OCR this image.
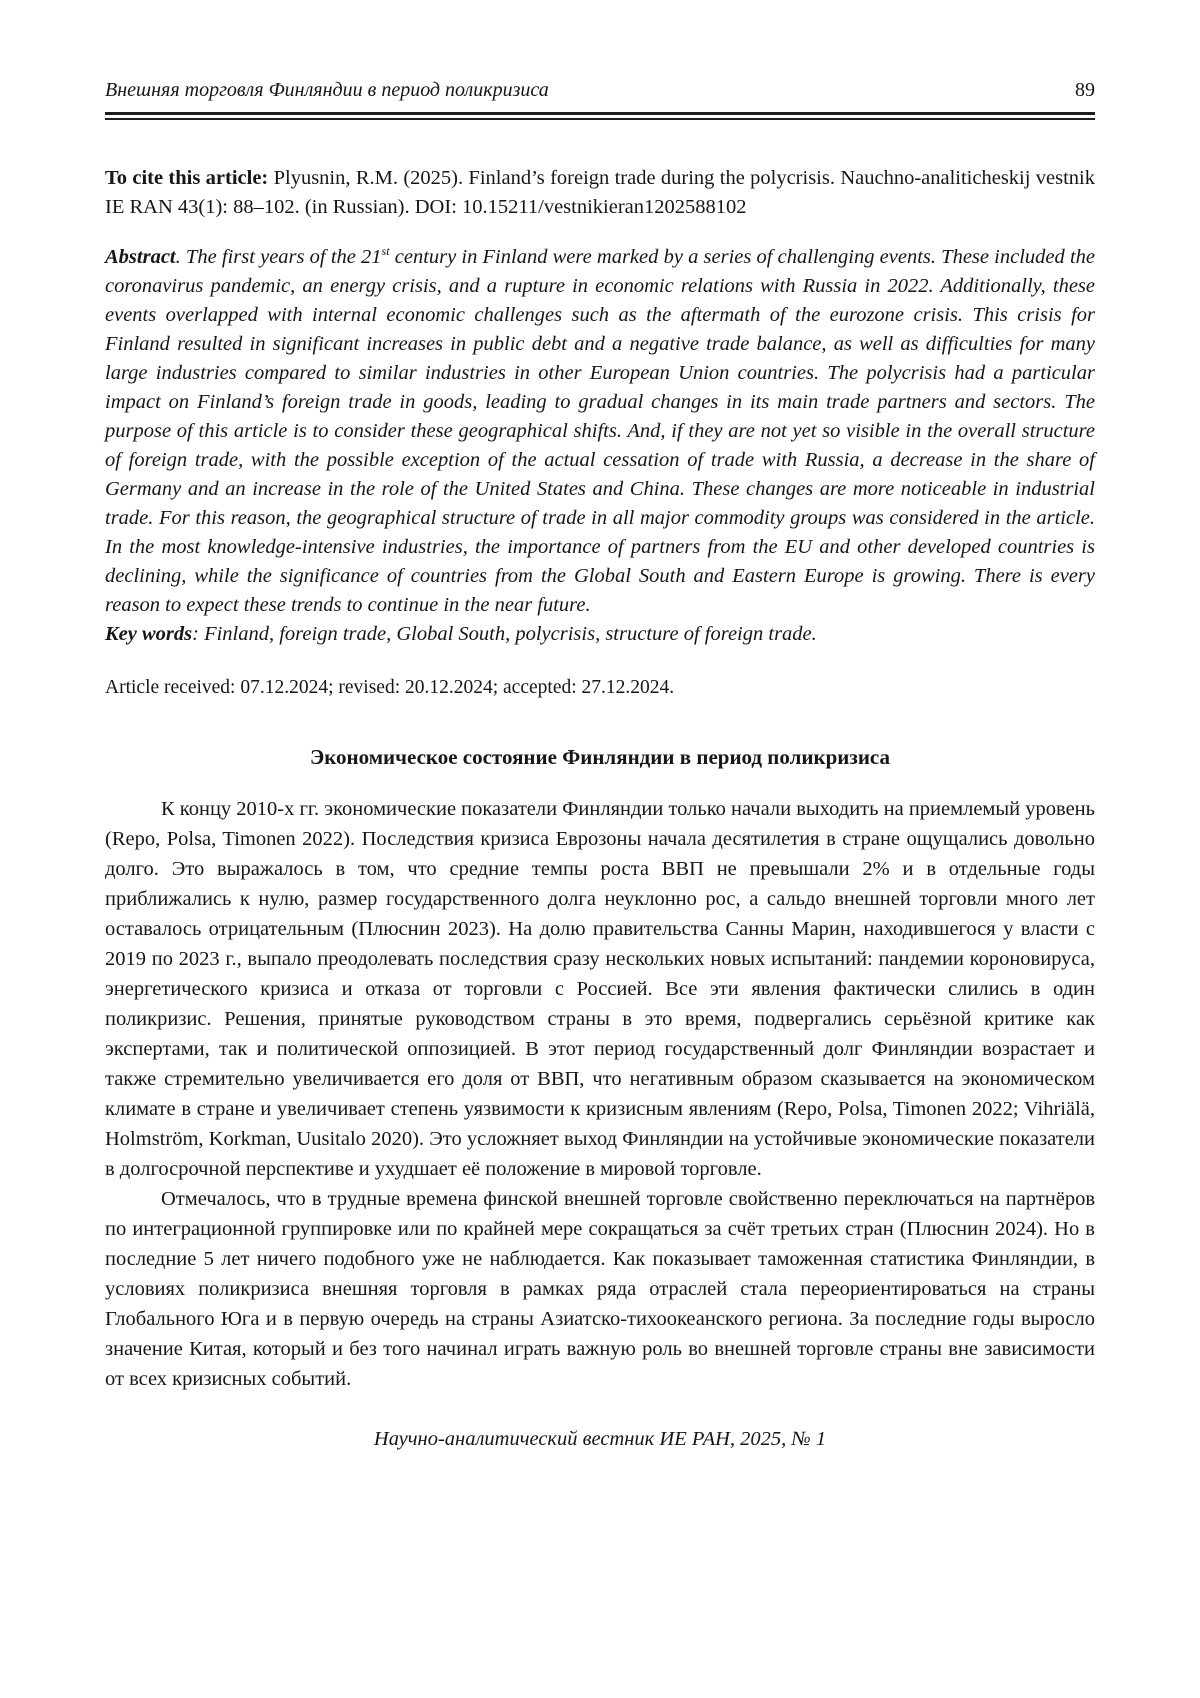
Внешняя торговля Финляндии в период поликризиса	89

To cite this article: Plyusnin, R.M. (2025). Finland’s foreign trade during the polycrisis. Nauchno-analiticheskij vestnik IE RAN 43(1): 88–102. (in Russian). DOI: 10.15211/vestnikieran1202588102

Abstract. The first years of the 21st century in Finland were marked by a series of challenging events. These included the coronavirus pandemic, an energy crisis, and a rupture in economic relations with Russia in 2022. Additionally, these events overlapped with internal economic challenges such as the aftermath of the eurozone crisis. This crisis for Finland resulted in significant increases in public debt and a negative trade balance, as well as difficulties for many large industries compared to similar industries in other European Union countries. The polycrisis had a particular impact on Finland’s foreign trade in goods, leading to gradual changes in its main trade partners and sectors. The purpose of this article is to consider these geographical shifts. And, if they are not yet so visible in the overall structure of foreign trade, with the possible exception of the actual cessation of trade with Russia, a decrease in the share of Germany and an increase in the role of the United States and China. These changes are more noticeable in industrial trade. For this reason, the geographical structure of trade in all major commodity groups was considered in the article. In the most knowledge-intensive industries, the importance of partners from the EU and other developed countries is declining, while the significance of countries from the Global South and Eastern Europe is growing. There is every reason to expect these trends to continue in the near future.

Key words: Finland, foreign trade, Global South, polycrisis, structure of foreign trade.

Article received: 07.12.2024; revised: 20.12.2024; accepted: 27.12.2024.

Экономическое состояние Финляндии в период поликризиса

К концу 2010-х гг. экономические показатели Финляндии только начали выходить на приемлемый уровень (Repo, Polsa, Timonen 2022). Последствия кризиса Еврозоны начала десятилетия в стране ощущались довольно долго. Это выражалось в том, что средние темпы роста ВВП не превышали 2% и в отдельные годы приближались к нулю, размер государственного долга неуклонно рос, а сальдо внешней торговли много лет оставалось отрицательным (Плюснин 2023). На долю правительства Санны Марин, находившегося у власти с 2019 по 2023 г., выпало преодолевать последствия сразу нескольких новых испытаний: пандемии короновируса, энергетического кризиса и отказа от торговли с Россией. Все эти явления фактически слились в один поликризис. Решения, принятые руководством страны в это время, подвергались серьёзной критике как экспертами, так и политической оппозицией. В этот период государственный долг Финляндии возрастает и также стремительно увеличивается его доля от ВВП, что негативным образом сказывается на экономическом климате в стране и увеличивает степень уязвимости к кризисным явлениям (Repo, Polsa, Timonen 2022; Vihriälä, Holmström, Korkman, Uusitalo 2020). Это усложняет выход Финляндии на устойчивые экономические показатели в долгосрочной перспективе и ухудшает её положение в мировой торговле.

Отмечалось, что в трудные времена финской внешней торговле свойственно переключаться на партнёров по интеграционной группировке или по крайней мере сокращаться за счёт третьих стран (Плюснин 2024). Но в последние 5 лет ничего подобного уже не наблюдается. Как показывает таможенная статистика Финляндии, в условиях поликризиса внешняя торговля в рамках ряда отраслей стала переориентироваться на страны Глобального Юга и в первую очередь на страны Азиатско-тихоокеанского региона. За последние годы выросло значение Китая, который и без того начинал играть важную роль во внешней торговле страны вне зависимости от всех кризисных событий.

Научно-аналитический вестник ИЕ РАН, 2025, № 1
